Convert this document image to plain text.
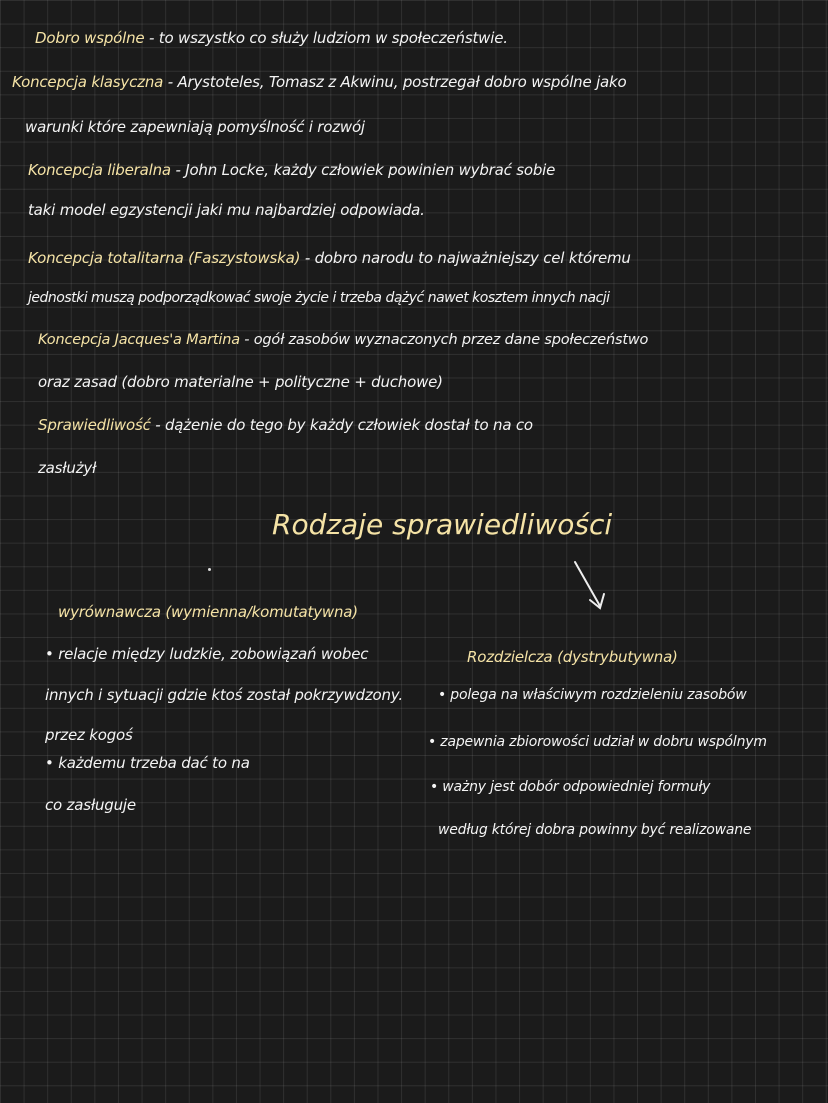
Dobro wspólne - to wszystko co służy ludziom w społeczeństwie.
Koncepcja klasyczna - Arystoteles, Tomasz z Akwinu, postrzegał dobro wspólne jako
warunki które zapewniają pomyślność i rozwój
Koncepcja liberalna - John Locke, każdy człowiek powinien wybrać sobie
taki model egzystencji jaki mu najbardziej odpowiada.
Koncepcja totalitarna (Faszystowska) - dobro narodu to najważniejszy cel któremu
jednostki muszą podporządkować swoje życie i trzeba dążyć nawet kosztem innych nacji
Koncepcja Jacques'a Martina - ogół zasobów wyznaczonych przez dane społeczeństwo
oraz zasad (dobro materialne + polityczne + duchowe)
Sprawiedliwość - dążenie do tego by każdy człowiek dostał to na co
zasłużył
Rodzaje sprawiedliwości
wyrównawcza (wymienna/komutatywna)
• relacje między ludzkie, zobowiązań wobec
innych i sytuacji gdzie ktoś został pokrzywdzony.
przez kogoś
• każdemu trzeba dać to na
co zasługuje
Rozdzielcza (dystrybutywna)
• polega na właściwym rozdzieleniu zasobów
• zapewnia zbiorowości udział w dobru wspólnym
• ważny jest dobór odpowiedniej formuły
według której dobra powinny być realizowane
